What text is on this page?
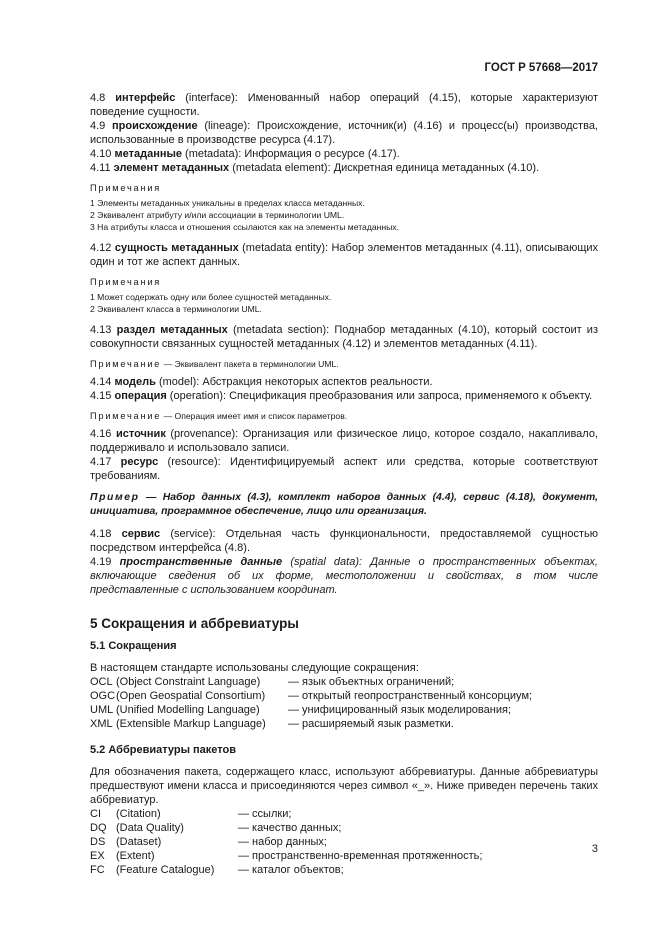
ГОСТ Р 57668—2017

4.8 интерфейс (interface): Именованный набор операций (4.15), которые характеризуют поведение сущности.

4.9 происхождение (lineage): Происхождение, источник(и) (4.16) и процесс(ы) производства, использованные в производстве ресурса (4.17).

4.10 метаданные (metadata): Информация о ресурсе (4.17).

4.11 элемент метаданных (metadata element): Дискретная единица метаданных (4.10).

Примечания

1 Элементы метаданных уникальны в пределах класса метаданных.

2 Эквивалент атрибуту и/или ассоциации в терминологии UML.

3 На атрибуты класса и отношения ссылаются как на элементы метаданных.

4.12 сущность метаданных (metadata entity): Набор элементов метаданных (4.11), описывающих один и тот же аспект данных.

Примечания

1 Может содержать одну или более сущностей метаданных.

2 Эквивалент класса в терминологии UML.

4.13 раздел метаданных (metadata section): Поднабор метаданных (4.10), который состоит из совокупности связанных сущностей метаданных (4.12) и элементов метаданных (4.11).

Примечание — Эквивалент пакета в терминологии UML.

4.14 модель (model): Абстракция некоторых аспектов реальности.

4.15 операция (operation): Спецификация преобразования или запроса, применяемого к объекту.

Примечание — Операция имеет имя и список параметров.

4.16 источник (provenance): Организация или физическое лицо, которое создало, накапливало, поддерживало и использовало записи.

4.17 ресурс (resource): Идентифицируемый аспект или средства, которые соответствуют требованиям.

Пример — Набор данных (4.3), комплект наборов данных (4.4), сервис (4.18), документ, инициатива, программное обеспечение, лицо или организация.

4.18 сервис (service): Отдельная часть функциональности, предоставляемой сущностью посредством интерфейса (4.8).

4.19 пространственные данные (spatial data): Данные о пространственных объектах, включающие сведения об их форме, местоположении и свойствах, в том числе представленные с использованием координат.

5 Сокращения и аббревиатуры
5.1 Сокращения

В настоящем стандарте использованы следующие сокращения:

OCL (Object Constraint Language)	— язык объектных ограничений;
OGC (Open Geospatial Consortium)	— открытый геопространственный консорциум;
UML (Unified Modelling Language)	— унифицированный язык моделирования;
XML (Extensible Markup Language)	— расширяемый язык разметки.
5.2 Аббревиатуры пакетов

Для обозначения пакета, содержащего класс, используют аббревиатуры. Данные аббревиатуры предшествуют имени класса и присоединяются через символ «_». Ниже приведен перечень таких аббревиатур.

CI	(Citation)	— ссылки;
DQ (Data Quality)	— качество данных;
DS (Dataset)	— набор данных;
EX	(Extent)	— пространственно-временная протяженность;
FC	(Feature Catalogue)	— каталог объектов;
3
